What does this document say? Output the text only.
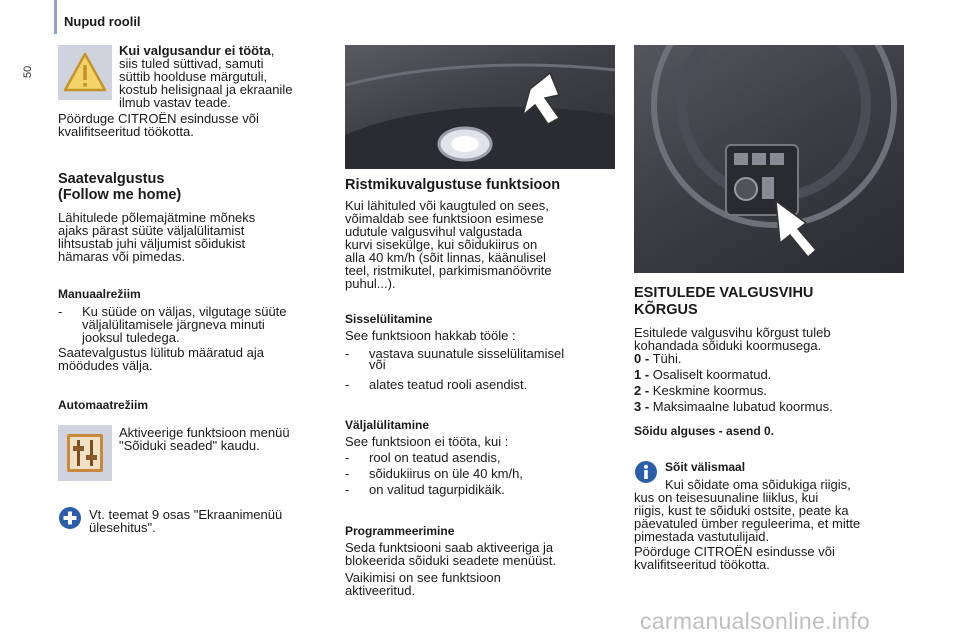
Nupud roolil
50

Kui valgusandur ei tööta,

siis tuled süttivad, samuti

süttib hoolduse märgutuli,

kostub helisignaal ja ekraanile

ilmub vastav teade.

Pöörduge CITROËN esindusse või

kvalifitseeritud töökotta.

Saatevalgustus

(Follow me home)

Lähitulede põlemajätmine mõneks

ajaks pärast süüte väljalülitamist

lihtsustab juhi väljumist sõidukist

hämaras või pimedas.

Manuaalrežiim
-	Ku süüde on väljas, vilgutage süüte
väljalülitamisele järgneva minuti
jooksul tuledega.

Saatevalgustus lülitub määratud aja

möödudes välja.

Automaatrežiim

Aktiveerige funktsioon menüü

"Sõiduki seaded" kaudu.

Vt. teemat 9 osas "Ekraanimenüü

ülesehitus".

Ristmikuvalgustuse funktsioon

Kui lähituled või kaugtuled on sees,

võimaldab see funktsioon esimese

udutule valgusvihul valgustada

kurvi sisekülge, kui sõidukiirus on

alla 40 km/h (sõit linnas, käänulisel

teel, ristmikutel, parkimismanöövrite

puhul...).

Sisselülitamine
See funktsioon hakkab tööle :
-	vastava suunatule sisselülitamisel
või
-	alates teatud rooli asendist.
Väljalülitamine
See funktsioon ei tööta, kui :
-	rool on teatud asendis,
-	sõidukiirus on üle 40 km/h,
-	on valitud tagurpidikäik.
Programmeerimine

Seda funktsiooni saab aktiveeriga ja

blokeerida sõiduki seadete menüüst.

Vaikimisi on see funktsioon

aktiveeritud.

ESITULEDE VALGUSVIHU

KÕRGUS

Esitulede valgusvihu kõrgust tuleb

kohandada sõiduki koormusega.

0 - Tühi.
1 - Osaliselt koormatud.
2 - Keskmine koormus.
3 - Maksimaalne lubatud koormus.
Sõidu alguses - asend 0.
Sõit välismaal

Kui sõidate oma sõidukiga riigis,

kus on teisesuunaline liiklus, kui

riigis, kust te sõiduki ostsite, peate ka

päevatuled ümber reguleerima, et mitte

pimestada vastutulijaid.

Pöörduge CITROËN esindusse või

kvalifitseeritud töökotta.

carmanualsonline.info
